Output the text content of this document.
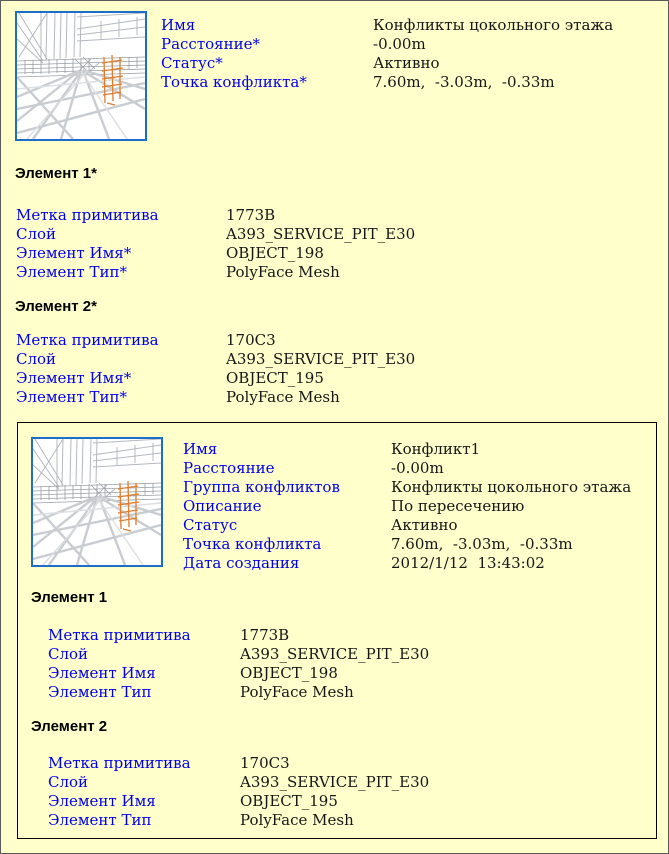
Имя	Конфликты цокольного этажа
Расстояние*	-0.00m
Статус*	Активно
Точка конфликта*	7.60m,  -3.03m,  -0.33m
Элемент 1*
Метка примитива	1773B
Слой	A393_SERVICE_PIT_E30
Элемент Имя*	OBJECT_198
Элемент Тип*	PolyFace Mesh
Элемент 2*
Метка примитива	170C3
Слой	A393_SERVICE_PIT_E30
Элемент Имя*	OBJECT_195
Элемент Тип*	PolyFace Mesh
Имя	Конфликт1
Расстояние	-0.00m
Группа конфликтов	Конфликты цокольного этажа
Описание	По пересечению
Статус	Активно
Точка конфликта	7.60m,  -3.03m,  -0.33m
Дата создания	2012/1/12  13:43:02
Элемент 1
Метка примитива	1773B
Слой	A393_SERVICE_PIT_E30
Элемент Имя	OBJECT_198
Элемент Тип	PolyFace Mesh
Элемент 2
Метка примитива	170C3
Слой	A393_SERVICE_PIT_E30
Элемент Имя	OBJECT_195
Элемент Тип	PolyFace Mesh
